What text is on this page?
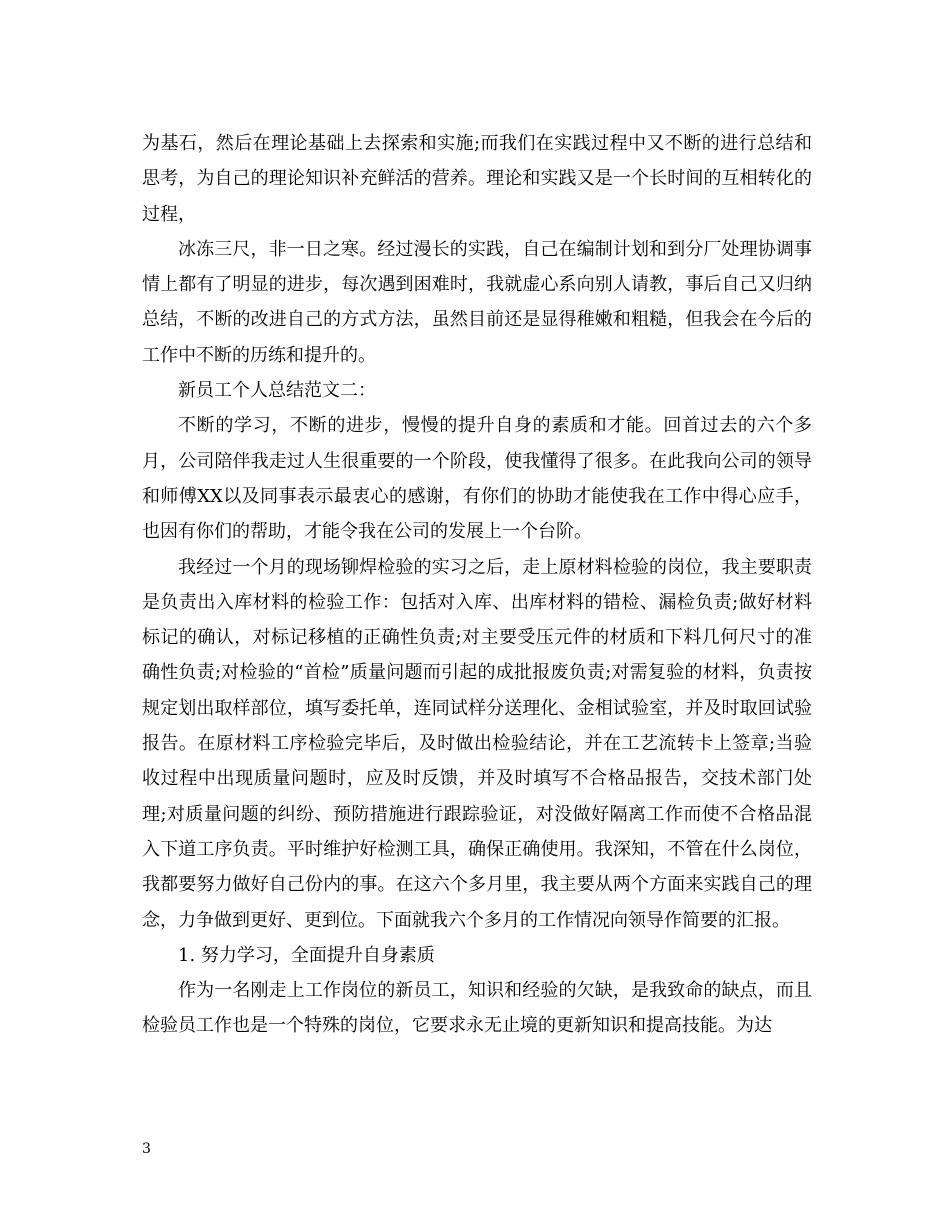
为基石，然后在理论基础上去探索和实施;而我们在实践过程中又不断的进行总结和思考，为自己的理论知识补充鲜活的营养。理论和实践又是一个长时间的互相转化的过程，

冰冻三尺，非一日之寒。经过漫长的实践，自己在编制计划和到分厂处理协调事情上都有了明显的进步，每次遇到困难时，我就虚心系向别人请教，事后自己又归纳总结，不断的改进自己的方式方法，虽然目前还是显得稚嫩和粗糙，但我会在今后的工作中不断的历练和提升的。

新员工个人总结范文二：

不断的学习，不断的进步，慢慢的提升自身的素质和才能。回首过去的六个多月，公司陪伴我走过人生很重要的一个阶段，使我懂得了很多。在此我向公司的领导和师傅XX以及同事表示最衷心的感谢，有你们的协助才能使我在工作中得心应手，也因有你们的帮助，才能令我在公司的发展上一个台阶。

我经过一个月的现场铆焊检验的实习之后，走上原材料检验的岗位，我主要职责是负责出入库材料的检验工作：包括对入库、出库材料的错检、漏检负责;做好材料标记的确认，对标记移植的正确性负责;对主要受压元件的材质和下料几何尺寸的准确性负责;对检验的“首检”质量问题而引起的成批报废负责;对需复验的材料，负责按规定划出取样部位，填写委托单，连同试样分送理化、金相试验室，并及时取回试验报告。在原材料工序检验完毕后，及时做出检验结论，并在工艺流转卡上签章;当验收过程中出现质量问题时，应及时反馈，并及时填写不合格品报告，交技术部门处理;对质量问题的纠纷、预防措施进行跟踪验证，对没做好隔离工作而使不合格品混入下道工序负责。平时维护好检测工具，确保正确使用。我深知，不管在什么岗位，我都要努力做好自己份内的事。在这六个多月里，我主要从两个方面来实践自己的理念，力争做到更好、更到位。下面就我六个多月的工作情况向领导作简要的汇报。

1. 努力学习，全面提升自身素质

作为一名刚走上工作岗位的新员工，知识和经验的欠缺，是我致命的缺点，而且检验员工作也是一个特殊的岗位，它要求永无止境的更新知识和提高技能。为达

3
